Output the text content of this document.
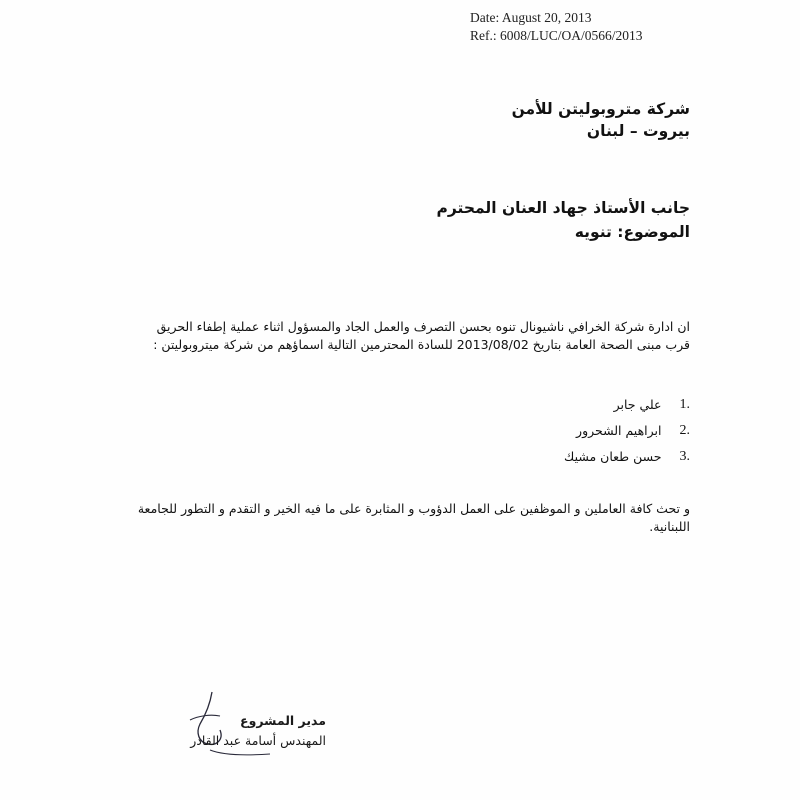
Date: August 20, 2013
Ref.: 6008/LUC/OA/0566/2013
شركة متروبوليتن للأمن
بيروت – لبنان
جانب الأستاذ جهاد العنان المحترم
الموضوع: تنويه
ان ادارة شركة الخرافي ناشيونال تنوه بحسن التصرف والعمل الجاد والمسؤول اثناء عملية إطفاء الحريق قرب مبنى الصحة العامة بتاريخ 2013/08/02 للسادة المحترمين التالية اسماؤهم من شركة ميتروبوليتن :
1.
علي جابر
2.
ابراهيم الشحرور
3.
حسن طعان مشيك
و تحث كافة العاملين و الموظفين على العمل الدؤوب و المثابرة على ما فيه الخير و التقدم و التطور للجامعة اللبنانية.
مدير المشروع
المهندس أسامة عبد القادر
